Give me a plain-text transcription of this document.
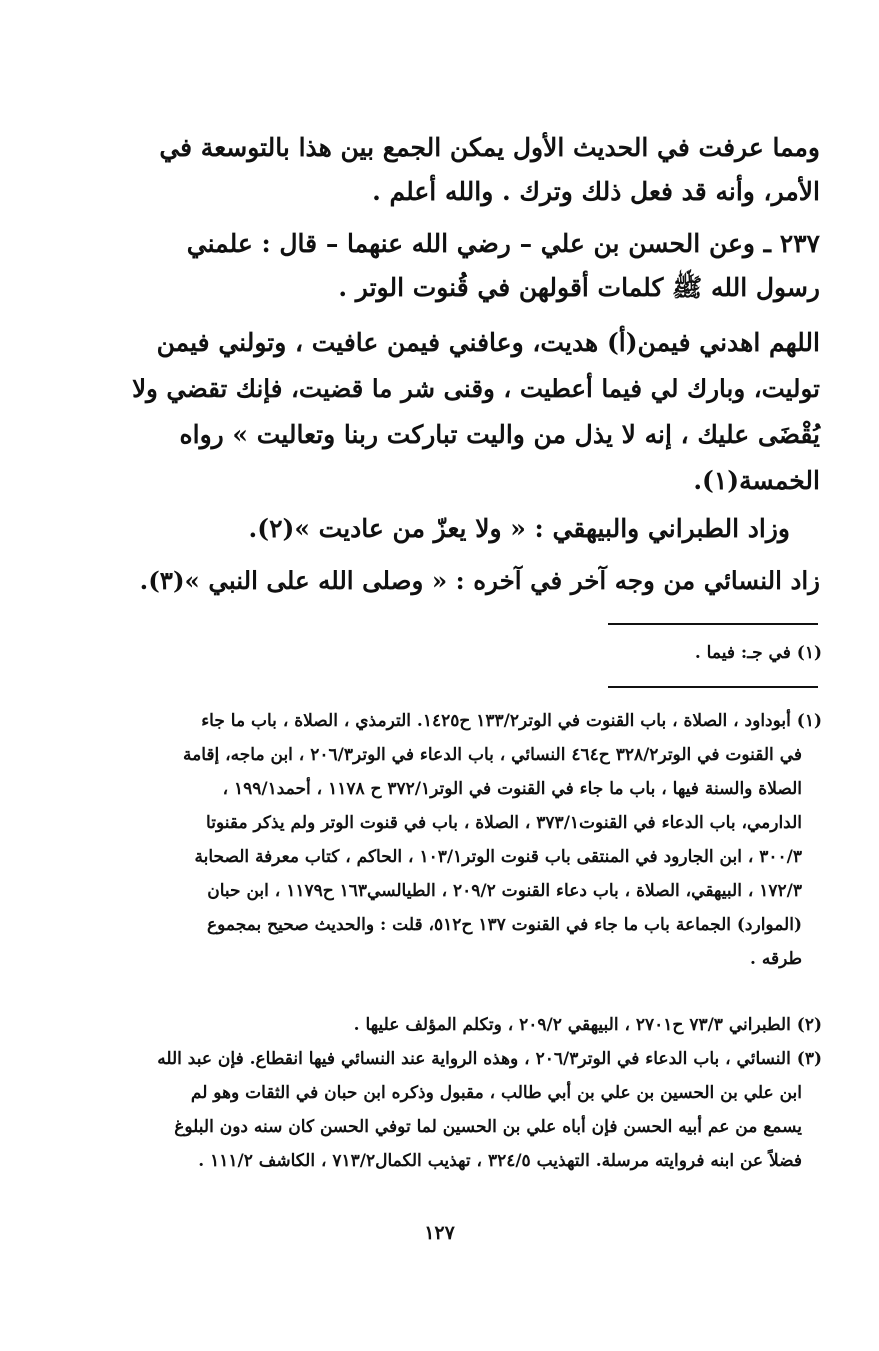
ومما عرفت في الحديث الأول يمكن الجمع بين هذا بالتوسعة في
الأمر، وأنه قد فعل ذلك وترك . والله أعلم .
٢٣٧ ـ وعن الحسن بن علي – رضي الله عنهما – قال : علمني
رسول الله ﷺ كلمات أقولهن في قُنوت الوتر .
اللهم اهدني فيمن(أ) هديت، وعافني فيمن عافيت ، وتولني فيمن
توليت، وبارك لي فيما أعطيت ، وقنى شر ما قضيت، فإنك تقضي ولا
يُقْضَى عليك ، إنه لا يذل من واليت تباركت ربنا وتعاليت » رواه
الخمسة(١).
وزاد الطبراني والبيهقي : « ولا يعزّ من عاديت »(٢).
زاد النسائي من وجه آخر في آخره : « وصلى الله على النبي »(٣).
(١) في جـ: فيما .
(١) أبوداود ، الصلاة ، باب القنوت في الوتر١٣٣/٢ ح١٤٢٥. الترمذي ، الصلاة ، باب ما جاء
في القنوت في الوتر٣٢٨/٢ ح٤٦٤ النسائي ، باب الدعاء في الوتر٢٠٦/٣ ، ابن ماجه، إقامة
الصلاة والسنة فيها ، باب ما جاء في القنوت في الوتر٣٧٢/١ ح ١١٧٨ ، أحمد١٩٩/١ ،
الدارمي، باب الدعاء في القنوت٣٧٣/١ ، الصلاة ، باب في قنوت الوتر ولم يذكر مقنوتا
٣٠٠/٣ ، ابن الجارود في المنتقى باب قنوت الوتر١٠٣/١ ، الحاكم ، كتاب معرفة الصحابة
١٧٢/٣ ، البيهقي، الصلاة ، باب دعاء القنوت ٢٠٩/٢ ، الطيالسي١٦٣ ح١١٧٩ ، ابن حبان
(الموارد) الجماعة باب ما جاء في القنوت ١٣٧ ح٥١٢، قلت : والحديث صحيح بمجموع
طرقه .
(٢) الطبراني ٧٣/٣ ح٢٧٠١ ، البيهقي ٢٠٩/٢ ، وتكلم المؤلف عليها .
(٣) النسائي ، باب الدعاء في الوتر٢٠٦/٣ ، وهذه الرواية عند النسائي فيها انقطاع. فإن عبد الله
ابن علي بن الحسين بن علي بن أبي طالب ، مقبول وذكره ابن حبان في الثقات وهو لم
يسمع من عم أبيه الحسن فإن أباه علي بن الحسين لما توفي الحسن كان سنه دون البلوغ
فضلاً عن ابنه فروايته مرسلة. التهذيب ٣٢٤/٥ ، تهذيب الكمال٧١٣/٢ ، الكاشف ١١١/٢ .
١٢٧
